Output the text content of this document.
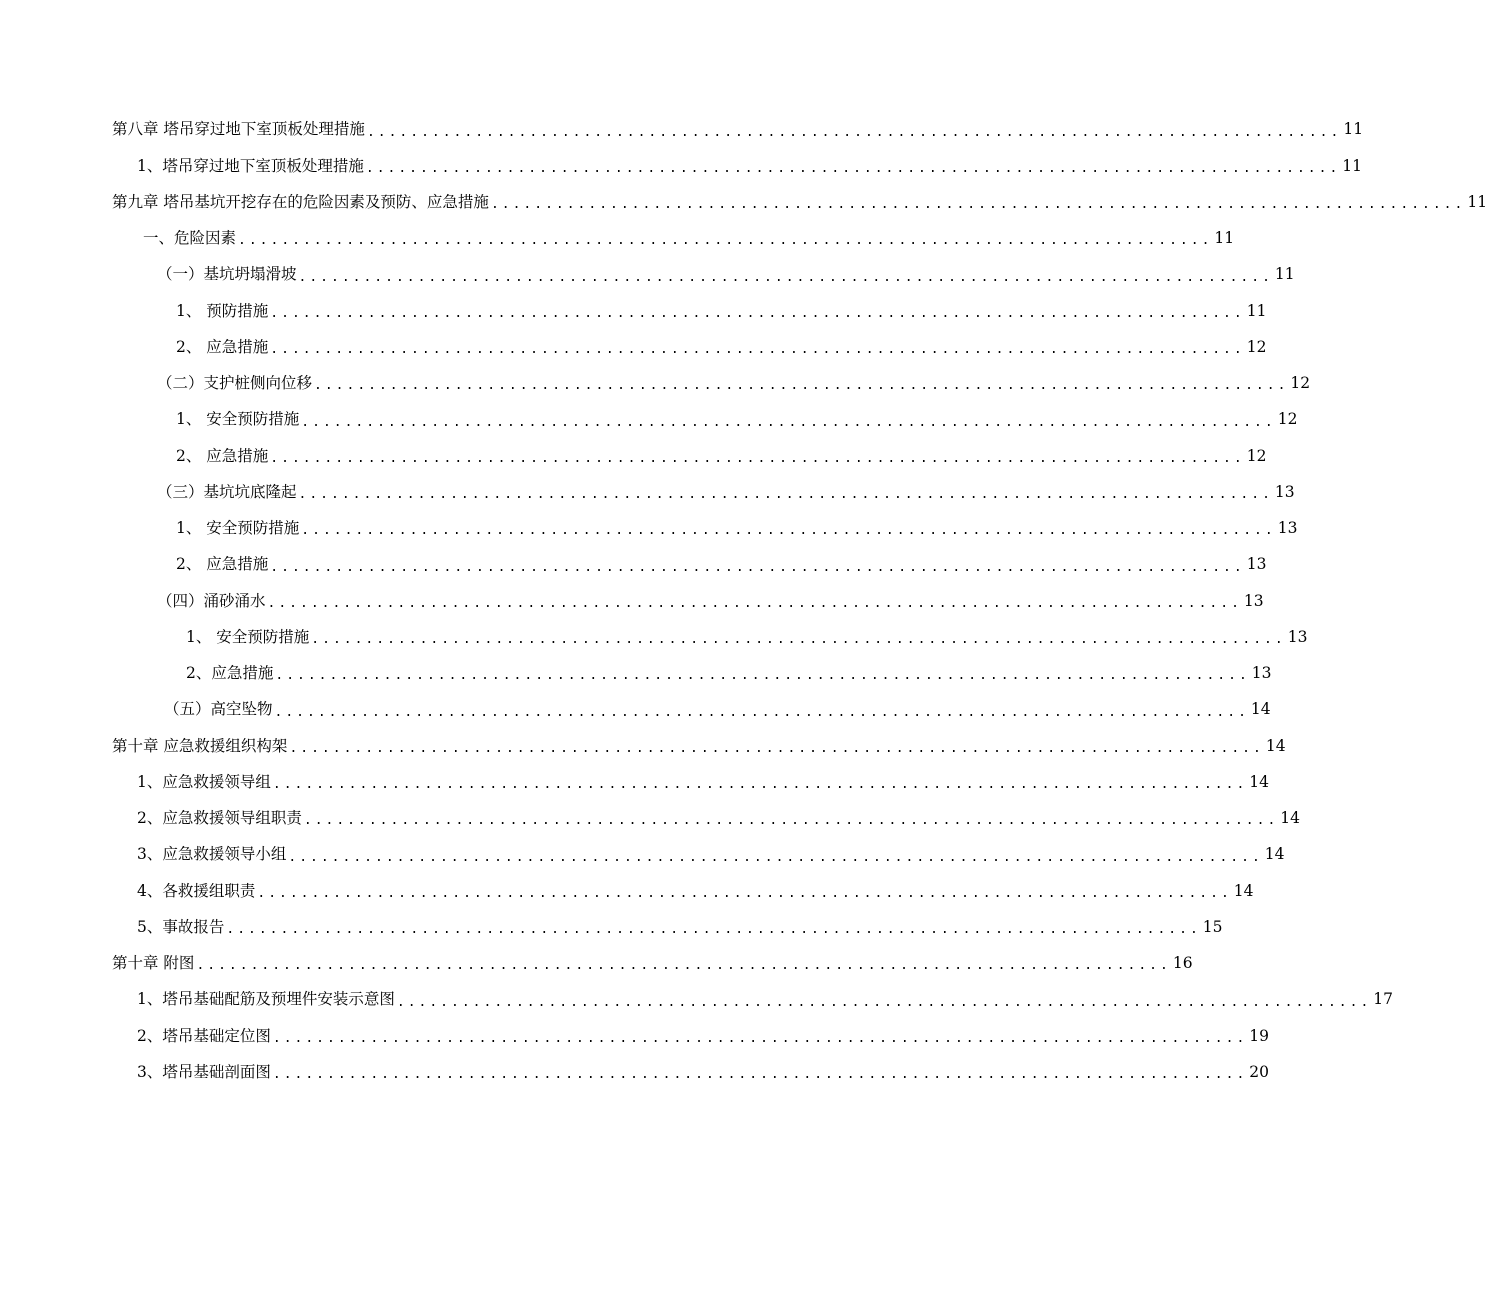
第八章 塔吊穿过地下室顶板处理措施 .......................................................................................... 11
1、塔吊穿过地下室顶板处理措施 .......................................................................................... 11
第九章 塔吊基坑开挖存在的危险因素及预防、应急措施 .......................................................................................... 11
一、危险因素 .......................................................................................... 11
（一）基坑坍塌滑坡 .......................................................................................... 11
1、 预防措施 .......................................................................................... 11
2、 应急措施 .......................................................................................... 12
（二）支护桩侧向位移 .......................................................................................... 12
1、 安全预防措施 .......................................................................................... 12
2、 应急措施 .......................................................................................... 12
（三）基坑坑底隆起 .......................................................................................... 13
1、 安全预防措施 .......................................................................................... 13
2、 应急措施 .......................................................................................... 13
（四）涌砂涌水 .......................................................................................... 13
1、 安全预防措施 .......................................................................................... 13
2、应急措施 .......................................................................................... 13
（五）高空坠物 .......................................................................................... 14
第十章 应急救援组织构架 .......................................................................................... 14
1、应急救援领导组 .......................................................................................... 14
2、应急救援领导组职责 .......................................................................................... 14
3、应急救援领导小组 .......................................................................................... 14
4、各救援组职责 .......................................................................................... 14
5、事故报告 .......................................................................................... 15
第十章 附图 .......................................................................................... 16
1、塔吊基础配筋及预埋件安装示意图 .......................................................................................... 17
2、塔吊基础定位图 .......................................................................................... 19
3、塔吊基础剖面图 .......................................................................................... 20
